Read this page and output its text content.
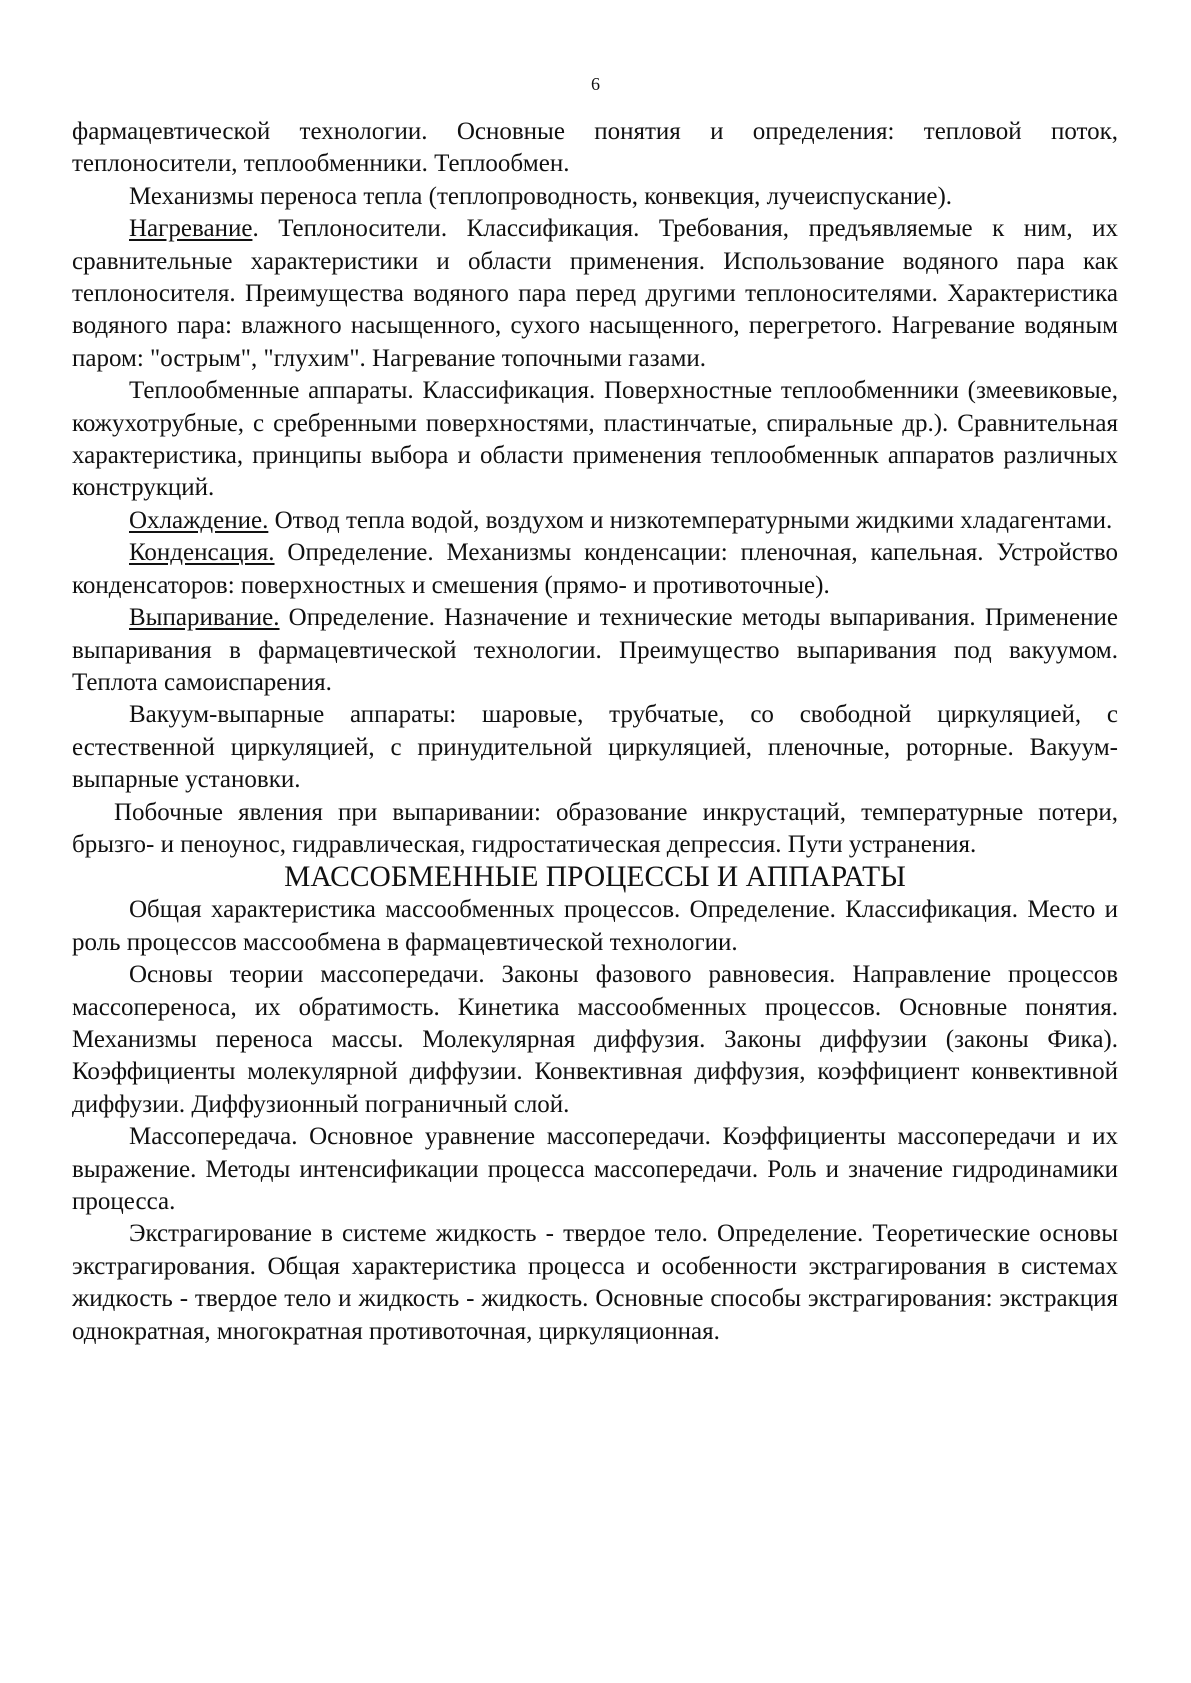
6

фармацевтической технологии. Основные понятия и определения: тепловой поток, теплоносители, теплообменники. Теплообмен.

Механизмы переноса тепла (теплопроводность, конвекция, лучеиспускание).

Нагревание. Теплоносители. Классификация. Требования, предъявляемые к ним, их сравнительные характеристики и области применения. Использование водяного пара как теплоносителя. Преимущества водяного пара перед другими теплоносителями. Характеристика водяного пара: влажного насыщенного, сухого насыщенного, перегретого. Нагревание водяным паром: "острым", "глухим". Нагревание топочными газами.

Теплообменные аппараты. Классификация. Поверхностные теплообменники (змеевиковые, кожухотрубные, с сребренными поверхностями, пластинчатые, спиральные др.). Сравнительная характеристика, принципы выбора и области применения теплообменнык аппаратов различных конструкций.

Охлаждение. Отвод тепла водой, воздухом и низкотемпературными жидкими хладагентами.

Конденсация. Определение. Механизмы конденсации: пленочная, капельная. Устройство конденсаторов: поверхностных и смешения (прямо- и противоточные).

Выпаривание. Определение. Назначение и технические методы выпаривания. Применение выпаривания в фармацевтической технологии. Преимущество выпаривания под вакуумом. Теплота самоиспарения.

Вакуум-выпарные аппараты: шаровые, трубчатые, со свободной циркуляцией, с естественной циркуляцией, с принудительной циркуляцией, пленочные, роторные. Вакуум-выпарные установки.

Побочные явления при выпаривании: образование инкрустаций, температурные потери, брызго- и пеноунос, гидравлическая, гидростатическая депрессия. Пути устранения.

МАССОБМЕННЫЕ ПРОЦЕССЫ И АППАРАТЫ

Общая характеристика массообменных процессов. Определение. Классификация. Место и роль процессов массообмена в фармацевтической технологии.

Основы теории массопередачи. Законы фазового равновесия. Направление процессов массопереноса, их обратимость. Кинетика массообменных процессов. Основные понятия. Механизмы переноса массы. Молекулярная диффузия. Законы диффузии (законы Фика). Коэффициенты молекулярной диффузии. Конвективная диффузия, коэффициент конвективной диффузии. Диффузионный пограничный слой.

Массопередача. Основное уравнение массопередачи. Коэффициенты массопередачи и их выражение. Методы интенсификации процесса массопередачи. Роль и значение гидродинамики процесса.

Экстрагирование в системе жидкость - твердое тело. Определение. Теоретические основы экстрагирования. Общая характеристика процесса и особенности экстрагирования в системах жидкость - твердое тело и жидкость - жидкость. Основные способы экстрагирования: экстракция однократная, многократная противоточная, циркуляционная.
